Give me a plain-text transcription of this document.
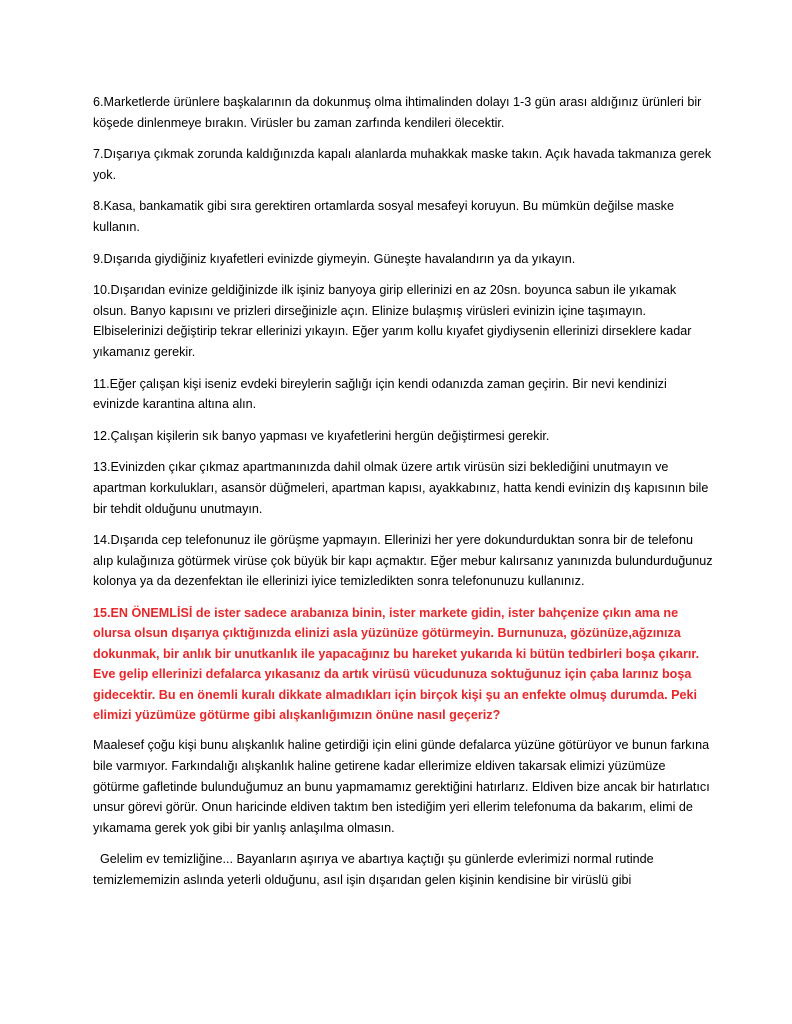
6.Marketlerde ürünlere başkalarının da dokunmuş olma ihtimalinden dolayı 1-3 gün arası aldığınız ürünleri bir köşede dinlenmeye bırakın. Virüsler bu zaman zarfında kendileri ölecektir.

7.Dışarıya çıkmak zorunda kaldığınızda kapalı alanlarda muhakkak maske takın. Açık havada takmanıza gerek yok.

8.Kasa, bankamatik gibi sıra gerektiren ortamlarda sosyal mesafeyi koruyun. Bu mümkün değilse maske kullanın.

9.Dışarıda giydiğiniz kıyafetleri evinizde giymeyin. Güneşte havalandırın ya da yıkayın.

10.Dışarıdan evinize geldiğinizde ilk işiniz banyoya girip ellerinizi en az 20sn. boyunca sabun ile yıkamak olsun. Banyo kapısını ve prizleri dirseğinizle açın. Elinize bulaşmış virüsleri evinizin içine taşımayın. Elbiselerinizi değiştirip tekrar ellerinizi yıkayın. Eğer yarım kollu kıyafet giydiysenin ellerinizi dirseklere kadar yıkamanız gerekir.

11.Eğer çalışan kişi iseniz evdeki bireylerin sağlığı için kendi odanızda zaman geçirin. Bir nevi kendinizi evinizde karantina altına alın.

12.Çalışan kişilerin sık banyo yapması ve kıyafetlerini hergün değiştirmesi gerekir.

13.Evinizden çıkar çıkmaz apartmanınızda dahil olmak üzere artık virüsün sizi beklediğini unutmayın ve apartman korkulukları, asansör düğmeleri, apartman kapısı, ayakkabınız, hatta kendi evinizin dış kapısının bile bir tehdit olduğunu unutmayın.

14.Dışarıda cep telefonunuz ile görüşme yapmayın. Ellerinizi her yere dokundurduktan sonra bir de telefonu alıp kulağınıza götürmek virüse çok büyük bir kapı açmaktır. Eğer mebur kalırsanız yanınızda bulundurduğunuz kolonya ya da dezenfektan ile ellerinizi iyice temizledikten sonra telefonunuzu kullanınız.

15.EN ÖNEMLİSİ de ister sadece arabanıza binin, ister markete gidin, ister bahçenize çıkın ama ne olursa olsun dışarıya çıktığınızda elinizi asla yüzünüze götürmeyin. Burnunuza, gözünüze,ağzınıza dokunmak, bir anlık bir unutkanlık ile yapacağınız bu hareket yukarıda ki bütün tedbirleri boşa çıkarır. Eve gelip ellerinizi defalarca yıkasanız da artık virüsü vücudunuza soktuğunuz için çaba larınız boşa gidecektir. Bu en önemli kuralı dikkate almadıkları için birçok kişi şu an enfekte olmuş durumda. Peki elimizi yüzümüze götürme gibi alışkanlığımızın önüne nasıl geçeriz?

Maalesef çoğu kişi bunu alışkanlık haline getirdiği için elini günde defalarca yüzüne götürüyor ve bunun farkına bile varmıyor. Farkındalığı alışkanlık haline getirene kadar ellerimize eldiven takarsak elimizi yüzümüze götürme gafletinde bulunduğumuz an bunu yapmamamız gerektiğini hatırlarız. Eldiven bize ancak bir hatırlatıcı unsur görevi görür. Onun haricinde eldiven taktım ben istediğim yeri ellerim telefonuma da bakarım, elimi de yıkamama gerek yok gibi bir yanlış anlaşılma olmasın.

Gelelim ev temizliğine... Bayanların aşırıya ve abartıya kaçtığı şu günlerde evlerimizi normal rutinde temizlememizin aslında yeterli olduğunu, asıl işin dışarıdan gelen kişinin kendisine bir virüslü gibi
